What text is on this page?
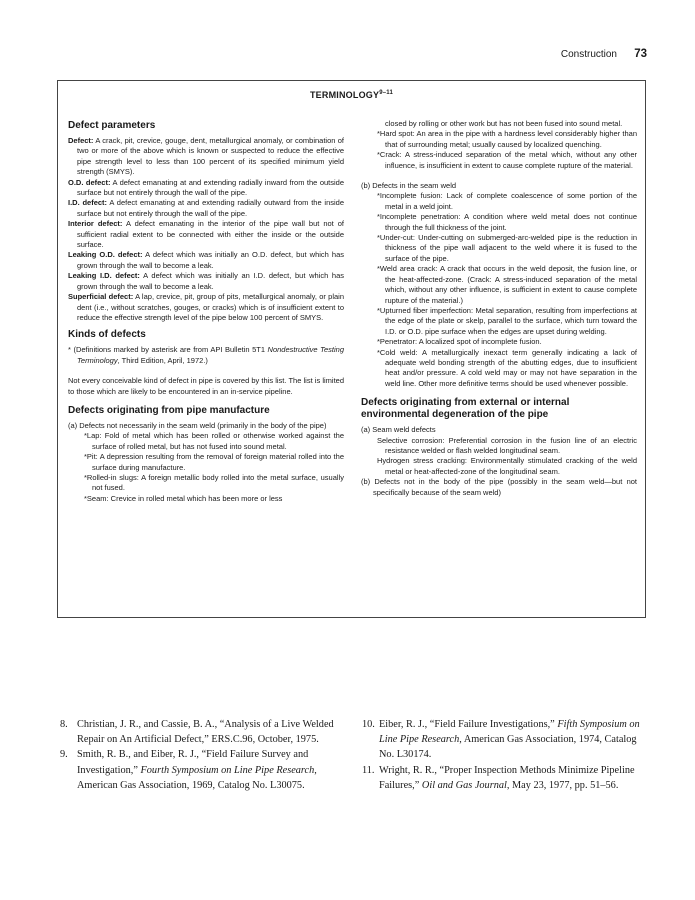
Construction 73
TERMINOLOGY$^{9-11}$
Defect parameters
Defect: A crack, pit, crevice, gouge, dent, metallurgical anomaly, or combination of two or more of the above which is known or suspected to reduce the effective pipe strength level to less than 100 percent of its specified minimum yield strength (SMYS).
O.D. defect: A defect emanating at and extending radially inward from the outside surface but not entirely through the wall of the pipe.
I.D. defect: A defect emanating at and extending radially outward from the inside surface but not entirely through the wall of the pipe.
Interior defect: A defect emanating in the interior of the pipe wall but not of sufficient radial extent to be connected with either the inside or the outside surface.
Leaking O.D. defect: A defect which was initially an O.D. defect, but which has grown through the wall to become a leak.
Leaking I.D. defect: A defect which was initially an I.D. defect, but which has grown through the wall to become a leak.
Superficial defect: A lap, crevice, pit, group of pits, metallurgical anomaly, or plain dent (i.e., without scratches, gouges, or cracks) which is of insufficient extent to reduce the effective strength level of the pipe below 100 percent of SMYS.
Kinds of defects
* (Definitions marked by asterisk are from API Bulletin 5T1 Nondestructive Testing Terminology, Third Edition, April, 1972.)
Not every conceivable kind of defect in pipe is covered by this list. The list is limited to those which are likely to be encountered in an in-service pipeline.
Defects originating from pipe manufacture
(a) Defects not necessarily in the seam weld (primarily in the body of the pipe)
*Lap: Fold of metal which has been rolled or otherwise worked against the surface of rolled metal, but has not fused into sound metal.
*Pit: A depression resulting from the removal of foreign material rolled into the surface during manufacture.
*Rolled-in slugs: A foreign metallic body rolled into the metal surface, usually not fused.
*Seam: Crevice in rolled metal which has been more or less
closed by rolling or other work but has not been fused into sound metal.
*Hard spot: An area in the pipe with a hardness level considerably higher than that of surrounding metal; usually caused by localized quenching.
*Crack: A stress-induced separation of the metal which, without any other influence, is insufficient in extent to cause complete rupture of the material.
(b) Defects in the seam weld
*Incomplete fusion: Lack of complete coalescence of some portion of the metal in a weld joint.
*Incomplete penetration: A condition where weld metal does not continue through the full thickness of the joint.
*Under-cut: Under-cutting on submerged-arc-welded pipe is the reduction in thickness of the pipe wall adjacent to the weld where it is fused to the surface of the pipe.
*Weld area crack: A crack that occurs in the weld deposit, the fusion line, or the heat-affected-zone. (Crack: A stress-induced separation of the metal which, without any other influence, is sufficient in extent to cause complete rupture of the material.)
*Upturned fiber imperfection: Metal separation, resulting from imperfections at the edge of the plate or skelp, parallel to the surface, which turn toward the I.D. or O.D. pipe surface when the edges are upset during welding.
*Penetrator: A localized spot of incomplete fusion.
*Cold weld: A metallurgically inexact term generally indicating a lack of adequate weld bonding strength of the abutting edges, due to insufficient heat and/or pressure. A cold weld may or may not have separation in the weld line. Other more definitive terms should be used whenever possible.
Defects originating from external or internal environmental degeneration of the pipe
(a) Seam weld defects
Selective corrosion: Preferential corrosion in the fusion line of an electric resistance welded or flash welded longitudinal seam.
Hydrogen stress cracking: Environmentally stimulated cracking of the weld metal or heat-affected-zone of the longitudinal seam.
(b) Defects not in the body of the pipe (possibly in the seam weld—but not specifically because of the seam weld)
8. Christian, J. R., and Cassie, B. A., “Analysis of a Live Welded Repair on An Artificial Defect,” ERS.C.96, October, 1975.
9. Smith, R. B., and Eiber, R. J., “Field Failure Survey and Investigation,” Fourth Symposium on Line Pipe Research, American Gas Association, 1969, Catalog No. L30075.
10. Eiber, R. J., “Field Failure Investigations,” Fifth Symposium on Line Pipe Research, American Gas Association, 1974, Catalog No. L30174.
11. Wright, R. R., “Proper Inspection Methods Minimize Pipeline Failures,” Oil and Gas Journal, May 23, 1977, pp. 51–56.
